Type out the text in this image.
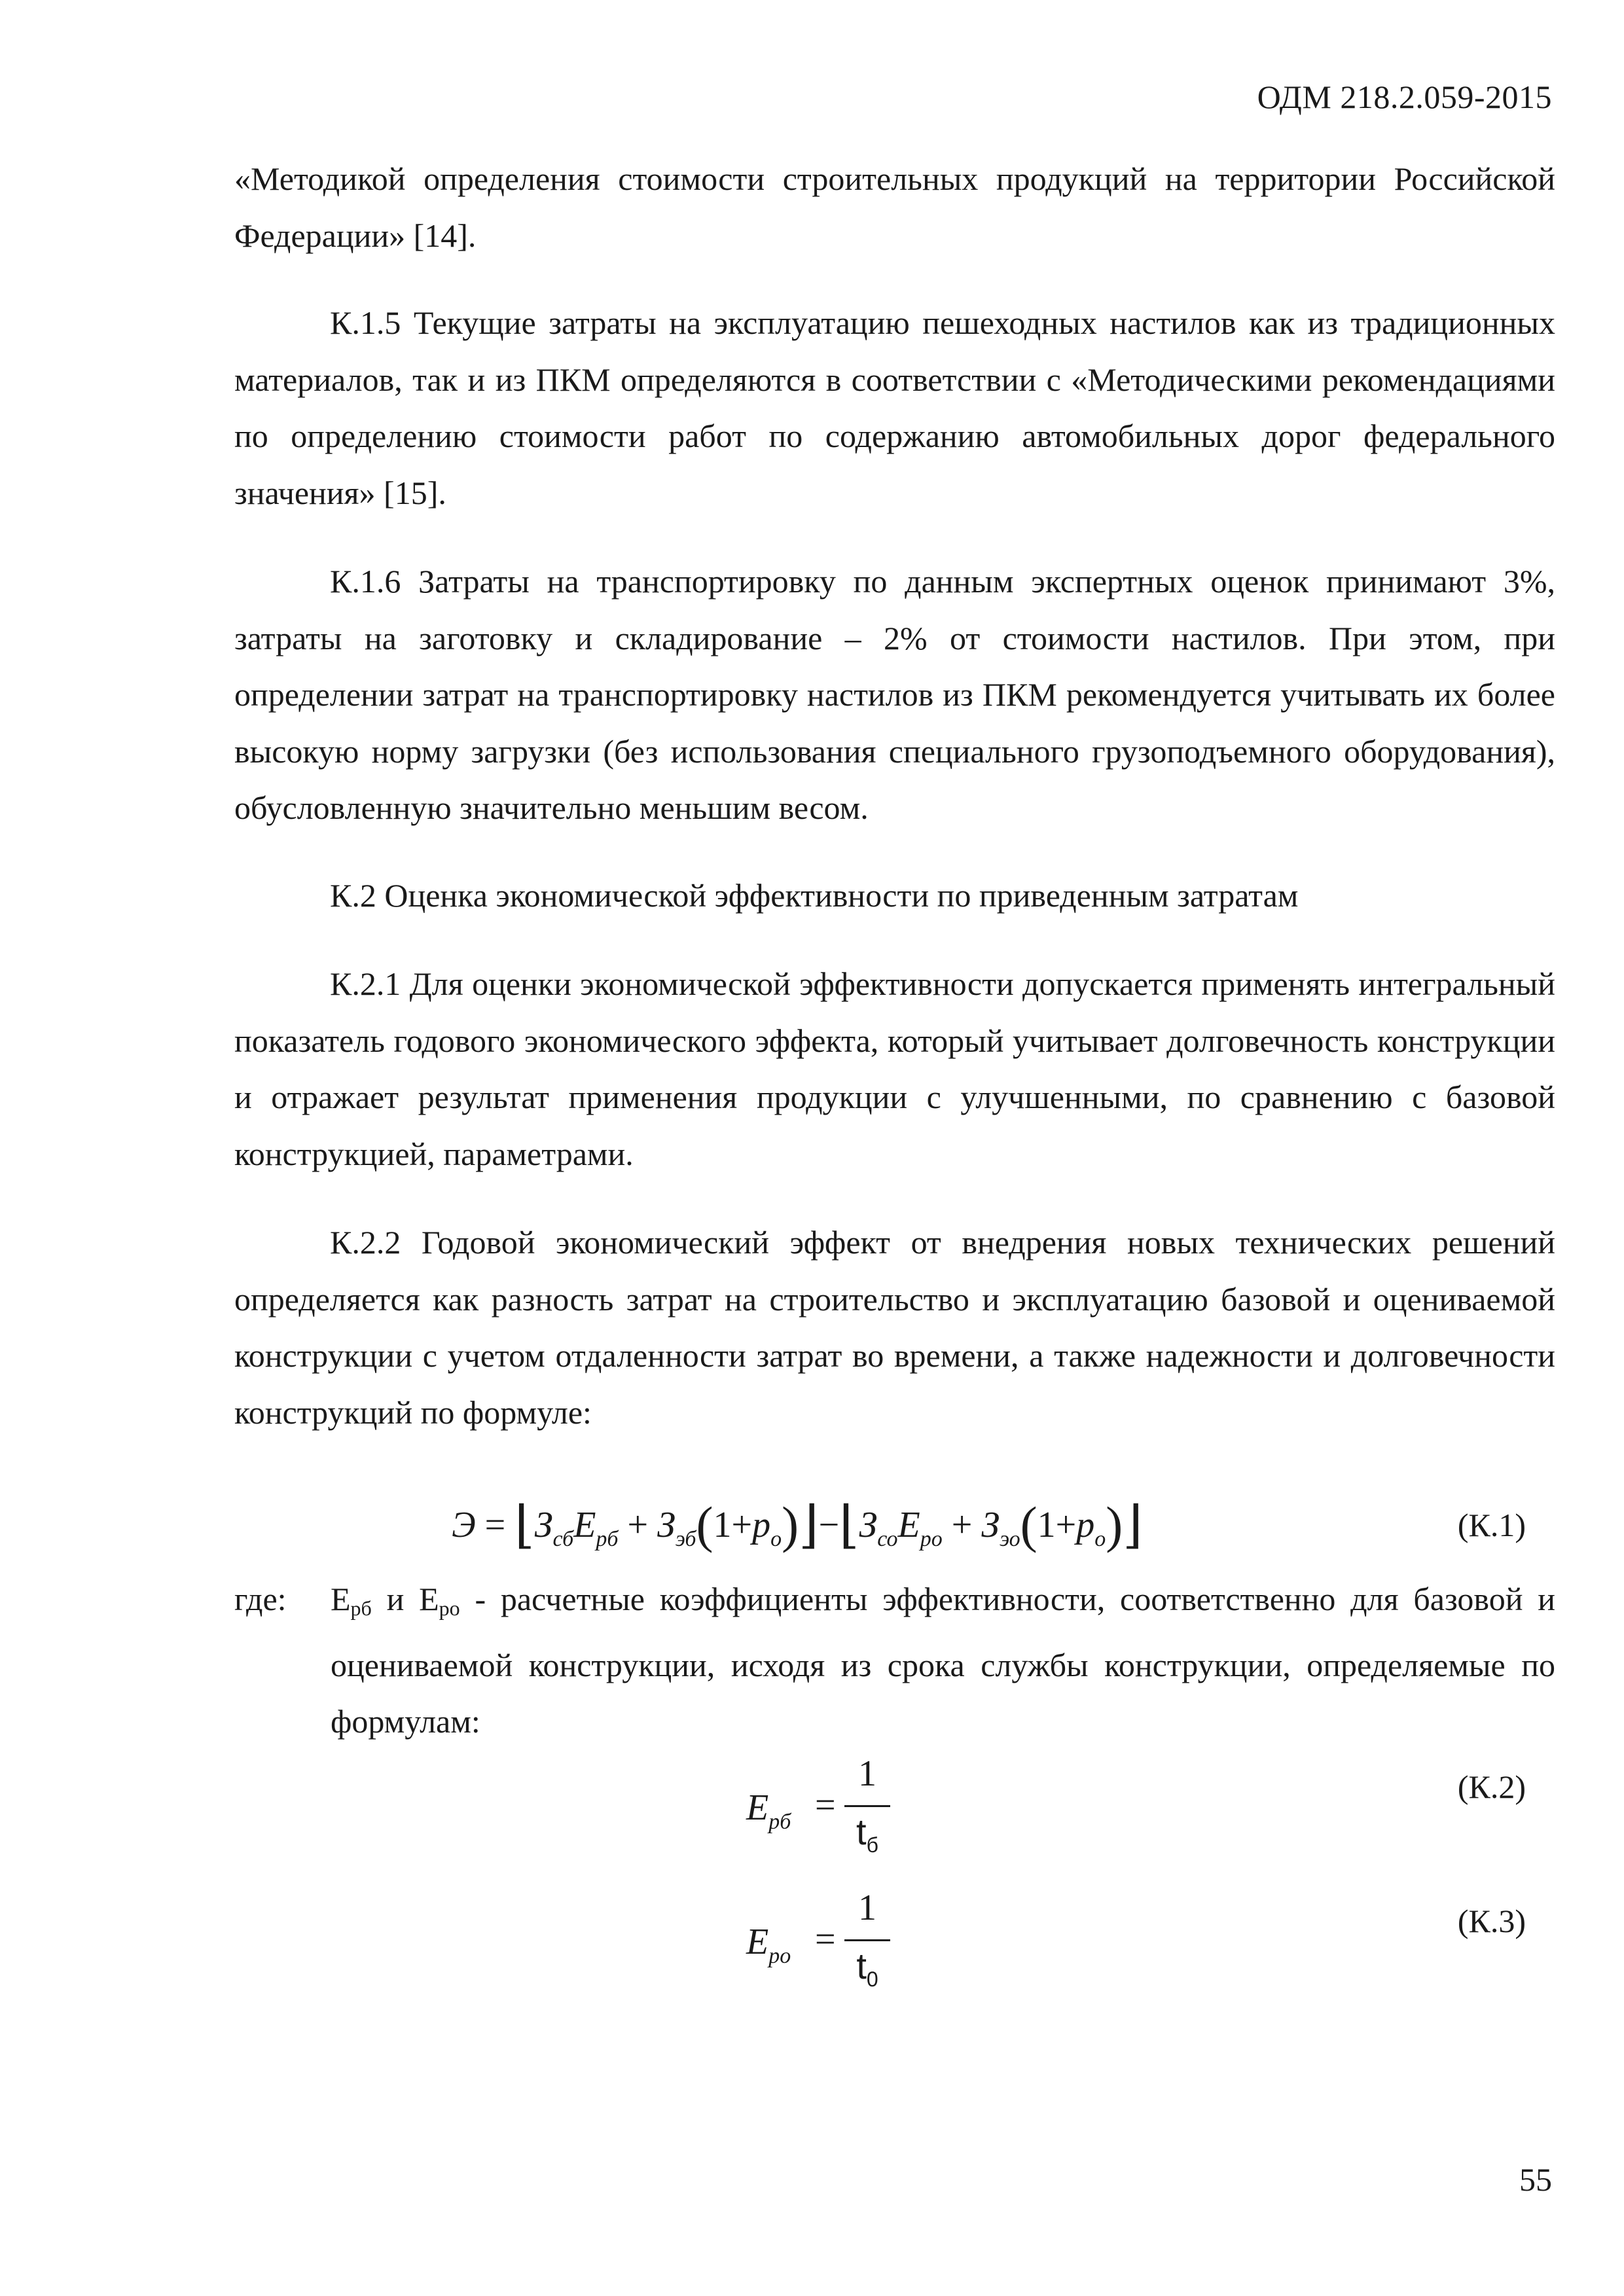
ОДМ 218.2.059-2015

«Методикой определения стоимости строительных продукций на территории Российской Федерации» [14].

К.1.5 Текущие затраты на эксплуатацию пешеходных настилов как из традиционных материалов, так и из ПКМ определяются в соответствии с «Методическими рекомендациями по определению стоимости работ по содержанию автомобильных дорог федерального значения» [15].

К.1.6 Затраты на транспортировку по данным экспертных оценок принимают 3%, затраты на заготовку и складирование – 2% от стоимости настилов. При этом, при определении затрат на транспортировку настилов из ПКМ рекомендуется учитывать их более высокую норму загрузки (без использования специального грузоподъемного оборудования), обусловленную значительно меньшим весом.

К.2 Оценка экономической эффективности по приведенным затратам

К.2.1 Для оценки экономической эффективности допускается применять интегральный показатель годового экономического эффекта, который учитывает долговечность конструкции и отражает результат применения продукции с улучшенными, по сравнению с базовой конструкцией, параметрами.

К.2.2 Годовой экономический эффект от внедрения новых технических решений определяется как разность затрат на строительство и эксплуатацию базовой и оцениваемой конструкции с учетом отдаленности затрат во времени, а также надежности и долговечности конструкций по формуле:

$Э = ⌊З_{сб}E_{рб}$ + $З_{эб}(1+p_о)⌋-⌊З_{со}E_{ро}$ + $З_{эо}(1+p_о)⌋$	(К.1)
где: $Е_{рб}$ и $Е_{ро}$ - расчетные коэффициенты эффективности, соответственно для базовой и оцениваемой конструкции, исходя из срока службы конструкции, определяемые по формулам:

$E_{рб}$ =
1
$t_б$
(К.2)
$E_{ро}$ =
1
$t_0$
(К.3)
55
